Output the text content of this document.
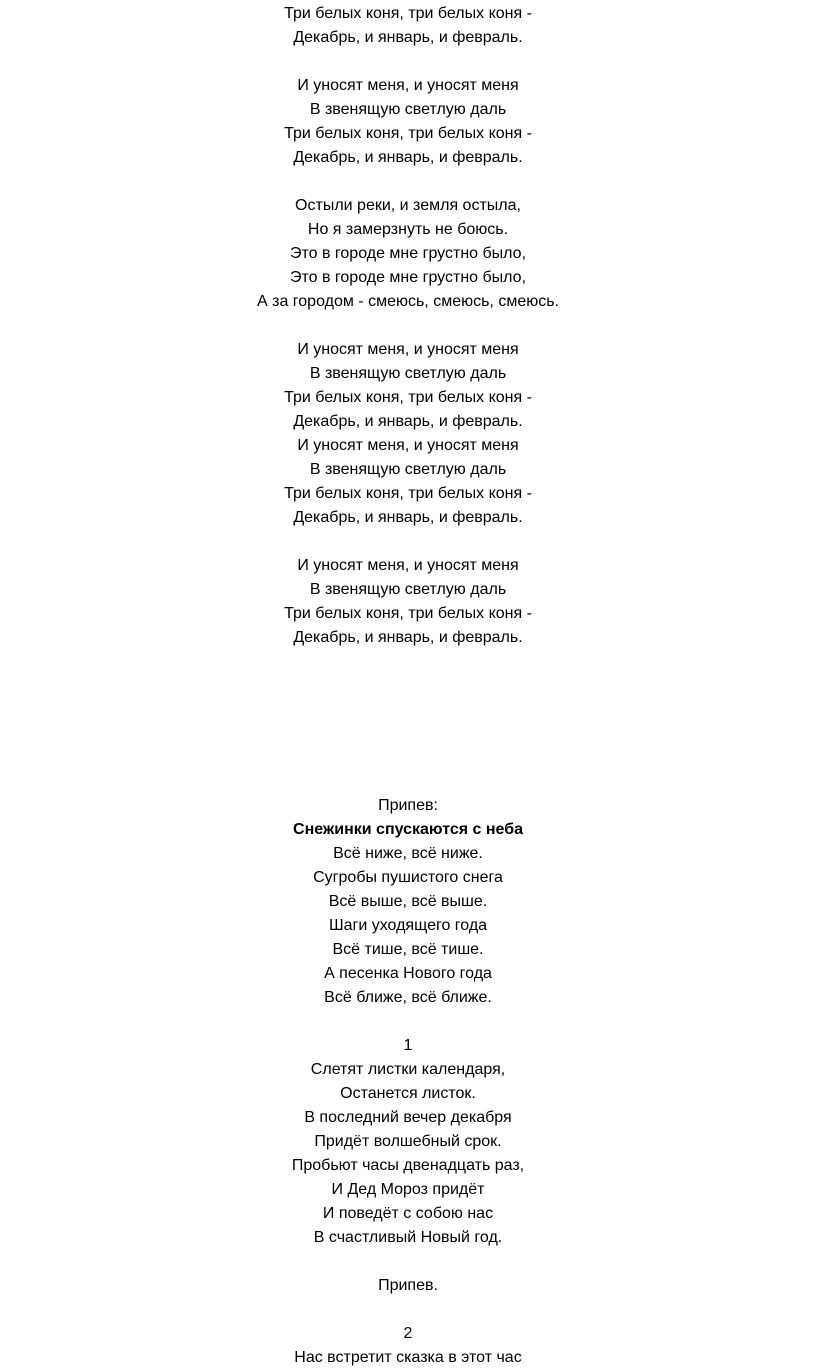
Три белых коня, три белых коня -
Декабрь, и январь, и февраль.
И уносят меня, и уносят меня
В звенящую светлую даль
Три белых коня, три белых коня -
Декабрь, и январь, и февраль.
Остыли реки, и земля остыла,
Но я замерзнуть не боюсь.
Это в городе мне грустно было,
Это в городе мне грустно было,
А за городом - смеюсь, смеюсь, смеюсь.
И уносят меня, и уносят меня
В звенящую светлую даль
Три белых коня, три белых коня -
Декабрь, и январь, и февраль.
И уносят меня, и уносят меня
В звенящую светлую даль
Три белых коня, три белых коня -
Декабрь, и январь, и февраль.
И уносят меня, и уносят меня
В звенящую светлую даль
Три белых коня, три белых коня -
Декабрь, и январь, и февраль.
Припев:
Снежинки спускаются с неба
Всё ниже, всё ниже.
Сугробы пушистого снега
Всё выше, всё выше.
Шаги уходящего года
Всё тише, всё тише.
А песенка Нового года
Всё ближе, всё ближе.
1
Слетят листки календаря,
Останется листок.
В последний вечер декабря
Придёт волшебный срок.
Пробьют часы двенадцать раз,
И Дед Мороз придёт
И поведёт с собою нас
В счастливый Новый год.
Припев.
2
Нас встретит сказка в этот час
